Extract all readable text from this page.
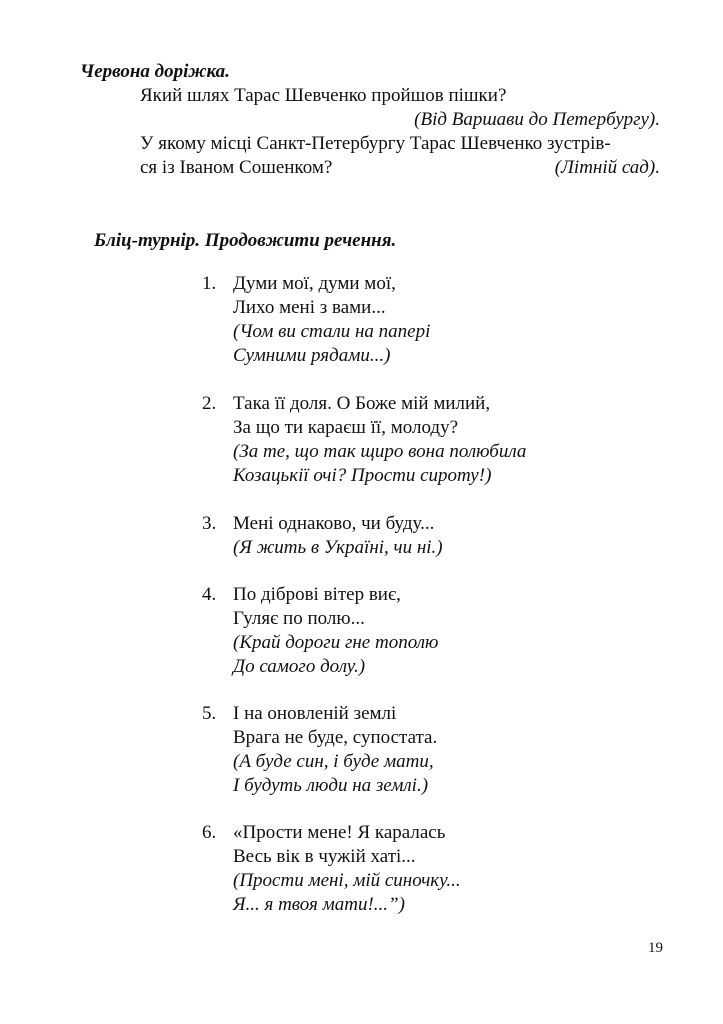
Червона доріжка.
Який шлях Тарас Шевченко пройшов пішки?
(Від Варшави до Петербургу).
У якому місці Санкт-Петербургу Тарас Шевченко зустрів-
ся із Іваном Сошенком?	(Літній сад).
Бліц-турнір. Продовжити речення.
1. Думи мої, думи мої,
Лихо мені з вами...
(Чом ви стали на папері
Сумними рядами...)
2. Така її доля. О Боже мій милий,
За що ти караєш її, молоду?
(За те, що так щиро вона полюбила
Козацькії очі? Прости сироту!)
3. Мені однаково, чи буду...
(Я жить в Україні, чи ні.)
4. По діброві вітер виє,
Гуляє по полю...
(Край дороги гне тополю
До самого долу.)
5. І на оновленій землі
Врага не буде, супостата.
(А буде син, і буде мати,
І будуть люди на землі.)
6. «Прости мене! Я каралась
Весь вік в чужій хаті...
(Прости мені, мій синочку...
Я... я твоя мати!...”)
19
